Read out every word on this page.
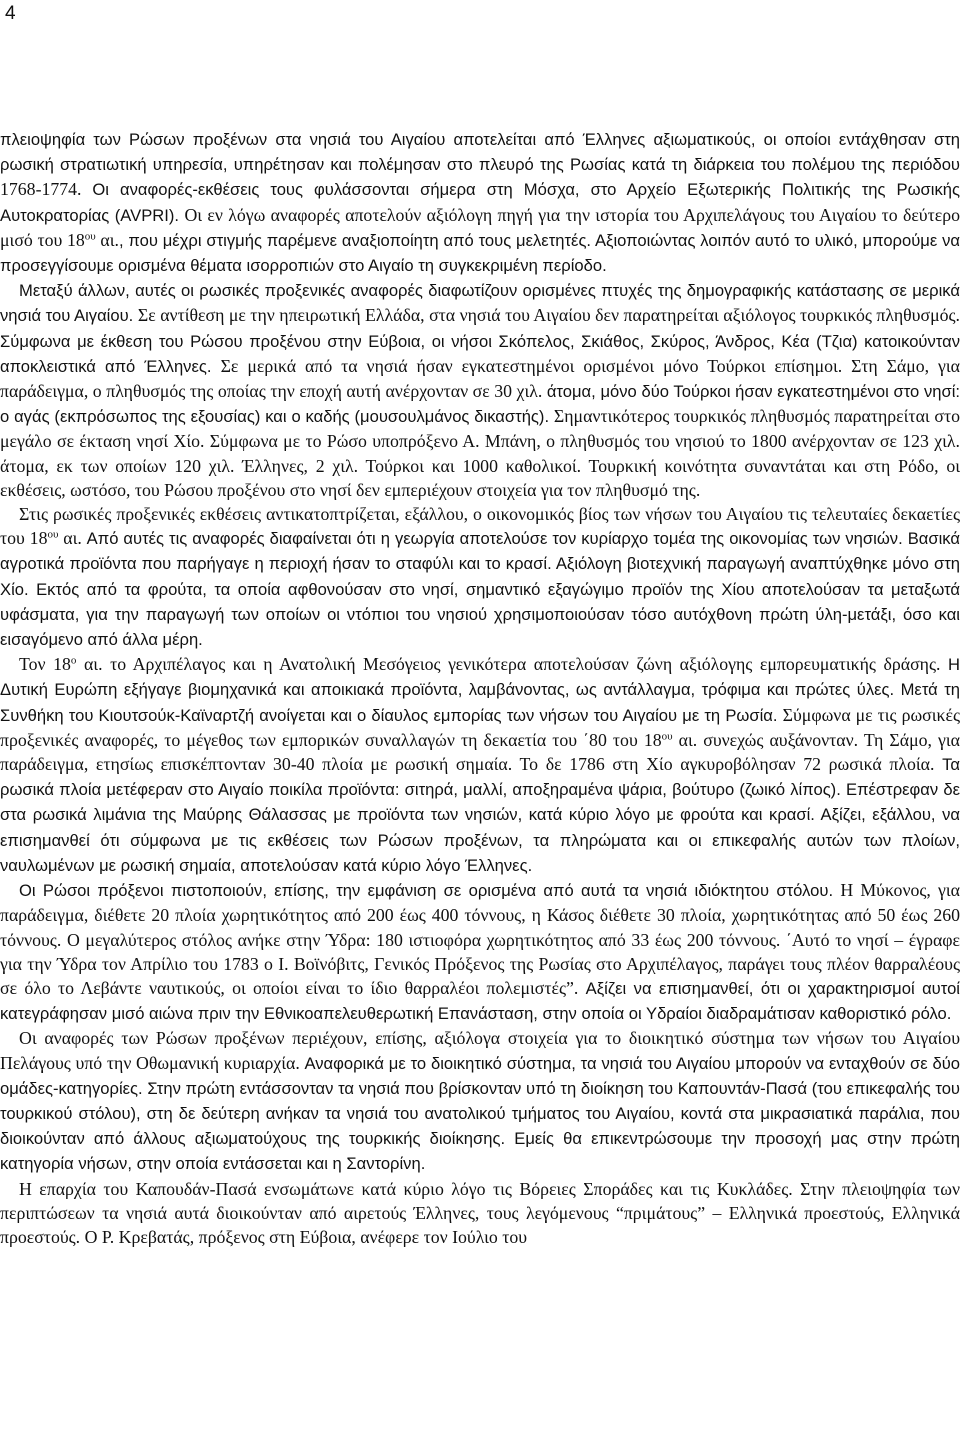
4

πλειοψηφία των Ρώσων προξένων στα νησιά του Αιγαίου αποτελείται από Έλληνες αξιωματικούς, οι οποίοι εντάχθησαν στη ρωσική στρατιωτική υπηρεσία, υπηρέτησαν και πολέμησαν στο πλευρό της Ρωσίας κατά τη διάρκεια του πολέμου της περιόδου 1768-1774. Οι αναφορές-εκθέσεις τους φυλάσσονται σήμερα στη Μόσχα, στο Αρχείο Εξωτερικής Πολιτικής της Ρωσικής Αυτοκρατορίας (AVPRI). Οι εν λόγω αναφορές αποτελούν αξιόλογη πηγή για την ιστορία του Αρχιπελάγους του Αιγαίου το δεύτερο μισό του $18^{o\upsilon}$ αι., που μέχρι στιγμής παρέμενε αναξιοποίητη από τους μελετητές. Αξιοποιώντας λοιπόν αυτό το υλικό, μπορούμε να προσεγγίσουμε ορισμένα θέματα ισορροπιών στο Αιγαίο τη συγκεκριμένη περίοδο.

Μεταξύ άλλων, αυτές οι ρωσικές προξενικές αναφορές διαφωτίζουν ορισμένες πτυχές της δημογραφικής κατάστασης σε μερικά νησιά του Αιγαίου. Σε αντίθεση με την ηπειρωτική Ελλάδα, στα νησιά του Αιγαίου δεν παρατηρείται αξιόλογος τουρκικός πληθυσμός. Σύμφωνα με έκθεση του Ρώσου προξένου στην Εύβοια, οι νήσοι Σκόπελος, Σκιάθος, Σκύρος, Άνδρος, Κέα (Τζια) κατοικούνταν αποκλειστικά από Έλληνες. Σε μερικά από τα νησιά ήσαν εγκατεστημένοι ορισμένοι μόνο Τούρκοι επίσημοι. Στη Σάμο, για παράδειγμα, ο πληθυσμός της οποίας την εποχή αυτή ανέρχονταν σε 30 χιλ. άτομα, μόνο δύο Τούρκοι ήσαν εγκατεστημένοι στο νησί: ο αγάς (εκπρόσωπος της εξουσίας) και ο καδής (μουσουλμάνος δικαστής). Σημαντικότερος τουρκικός πληθυσμός παρατηρείται στο μεγάλο σε έκταση νησί Χίο. Σύμφωνα με το Ρώσο υποπρόξενο Α. Μπάνη, ο πληθυσμός του νησιού το 1800 ανέρχονταν σε 123 χιλ. άτομα, εκ των οποίων 120 χιλ. Έλληνες, 2 χιλ. Τούρκοι και 1000 καθολικοί. Τουρκική κοινότητα συναντάται και στη Ρόδο, οι εκθέσεις, ωστόσο, του Ρώσου προξένου στο νησί δεν εμπεριέχουν στοιχεία για τον πληθυσμό της.

Στις ρωσικές προξενικές εκθέσεις αντικατοπτρίζεται, εξάλλου, ο οικονομικός βίος των νήσων του Αιγαίου τις τελευταίες δεκαετίες του $18^{o\upsilon}$ αι. Από αυτές τις αναφορές διαφαίνεται ότι η γεωργία αποτελούσε τον κυρίαρχο τομέα της οικονομίας των νησιών. Βασικά αγροτικά προϊόντα που παρήγαγε η περιοχή ήσαν το σταφύλι και το κρασί. Αξιόλογη βιοτεχνική παραγωγή αναπτύχθηκε μόνο στη Χίο. Εκτός από τα φρούτα, τα οποία αφθονούσαν στο νησί, σημαντικό εξαγώγιμο προϊόν της Χίου αποτελούσαν τα μεταξωτά υφάσματα, για την παραγωγή των οποίων οι ντόπιοι του νησιού χρησιμοποιούσαν τόσο αυτόχθονη πρώτη ύλη-μετάξι, όσο και εισαγόμενο από άλλα μέρη.

Τον $18^o$ αι. το Αρχιπέλαγος και η Ανατολική Μεσόγειος γενικότερα αποτελούσαν ζώνη αξιόλογης εμπορευματικής δράσης. Η Δυτική Ευρώπη εξήγαγε βιομηχανικά και αποικιακά προϊόντα, λαμβάνοντας, ως αντάλλαγμα, τρόφιμα και πρώτες ύλες. Μετά τη Συνθήκη του Κιουτσούκ-Καϊναρτζή ανοίγεται και ο δίαυλος εμπορίας των νήσων του Αιγαίου με τη Ρωσία. Σύμφωνα με τις ρωσικές προξενικές αναφορές, το μέγεθος των εμπορικών συναλλαγών τη δεκαετία του ΄80 του $18^{o\upsilon}$ αι. συνεχώς αυξάνονταν. Τη Σάμο, για παράδειγμα, ετησίως επισκέπτονταν 30-40 πλοία με ρωσική σημαία. Το δε 1786 στη Χίο αγκυροβόλησαν 72 ρωσικά πλοία. Τα ρωσικά πλοία μετέφεραν στο Αιγαίο ποικίλα προϊόντα: σιτηρά, μαλλί, αποξηραμένα ψάρια, βούτυρο (ζωικό λίπος). Επέστρεφαν δε στα ρωσικά λιμάνια της Μαύρης Θάλασσας με προϊόντα των νησιών, κατά κύριο λόγο με φρούτα και κρασί. Αξίζει, εξάλλου, να επισημανθεί ότι σύμφωνα με τις εκθέσεις των Ρώσων προξένων, τα πληρώματα και οι επικεφαλής αυτών των πλοίων, ναυλωμένων με ρωσική σημαία, αποτελούσαν κατά κύριο λόγο Έλληνες.

Οι Ρώσοι πρόξενοι πιστοποιούν, επίσης, την εμφάνιση σε ορισμένα από αυτά τα νησιά ιδιόκτητου στόλου. Η Μύκονος, για παράδειγμα, διέθετε 20 πλοία χωρητικότητος από 200 έως 400 τόννους, η Κάσος διέθετε 30 πλοία, χωρητικότητας από 50 έως 260 τόννους. Ο μεγαλύτερος στόλος ανήκε στην Ύδρα: 180 ιστιοφόρα χωρητικότητος από 33 έως 200 τόννους. ΄Αυτό το νησί – έγραφε για την Ύδρα τον Απρίλιο του 1783 ο Ι. Βοϊνόβιτς, Γενικός Πρόξενος της Ρωσίας στο Αρχιπέλαγος, παράγει τους πλέον θαρραλέους σε όλο το Λεβάντε ναυτικούς, οι οποίοι είναι το ίδιο θαρραλέοι πολεμιστές”. Αξίζει να επισημανθεί, ότι οι χαρακτηρισμοί αυτοί κατεγράφησαν μισό αιώνα πριν την Εθνικοαπελευθερωτική Επανάσταση, στην οποία οι Υδραίοι διαδραμάτισαν καθοριστικό ρόλο.

Οι αναφορές των Ρώσων προξένων περιέχουν, επίσης, αξιόλογα στοιχεία για το διοικητικό σύστημα των νήσων του Αιγαίου Πελάγους υπό την Οθωμανική κυριαρχία. Αναφορικά με το διοικητικό σύστημα, τα νησιά του Αιγαίου μπορούν να ενταχθούν σε δύο ομάδες-κατηγορίες. Στην πρώτη εντάσσονταν τα νησιά που βρίσκονταν υπό τη διοίκηση του Καπουντάν-Πασά (του επικεφαλής του τουρκικού στόλου), στη δε δεύτερη ανήκαν τα νησιά του ανατολικού τμήματος του Αιγαίου, κοντά στα μικρασιατικά παράλια, που διοικούνταν από άλλους αξιωματούχους της τουρκικής διοίκησης. Εμείς θα επικεντρώσουμε την προσοχή μας στην πρώτη κατηγορία νήσων, στην οποία εντάσσεται και η Σαντορίνη.

Η επαρχία του Καπουδάν-Πασά ενσωμάτωνε κατά κύριο λόγο τις Βόρειες Σποράδες και τις Κυκλάδες. Στην πλειοψηφία των περιπτώσεων τα νησιά αυτά διοικούνταν από αιρετούς Έλληνες, τους λεγόμενους “πριμάτους” – Ελληνικά προεστούς, Ελληνικά προεστούς. Ο Ρ. Κρεβατάς, πρόξενος στη Εύβοια, ανέφερε τον Ιούλιο του
